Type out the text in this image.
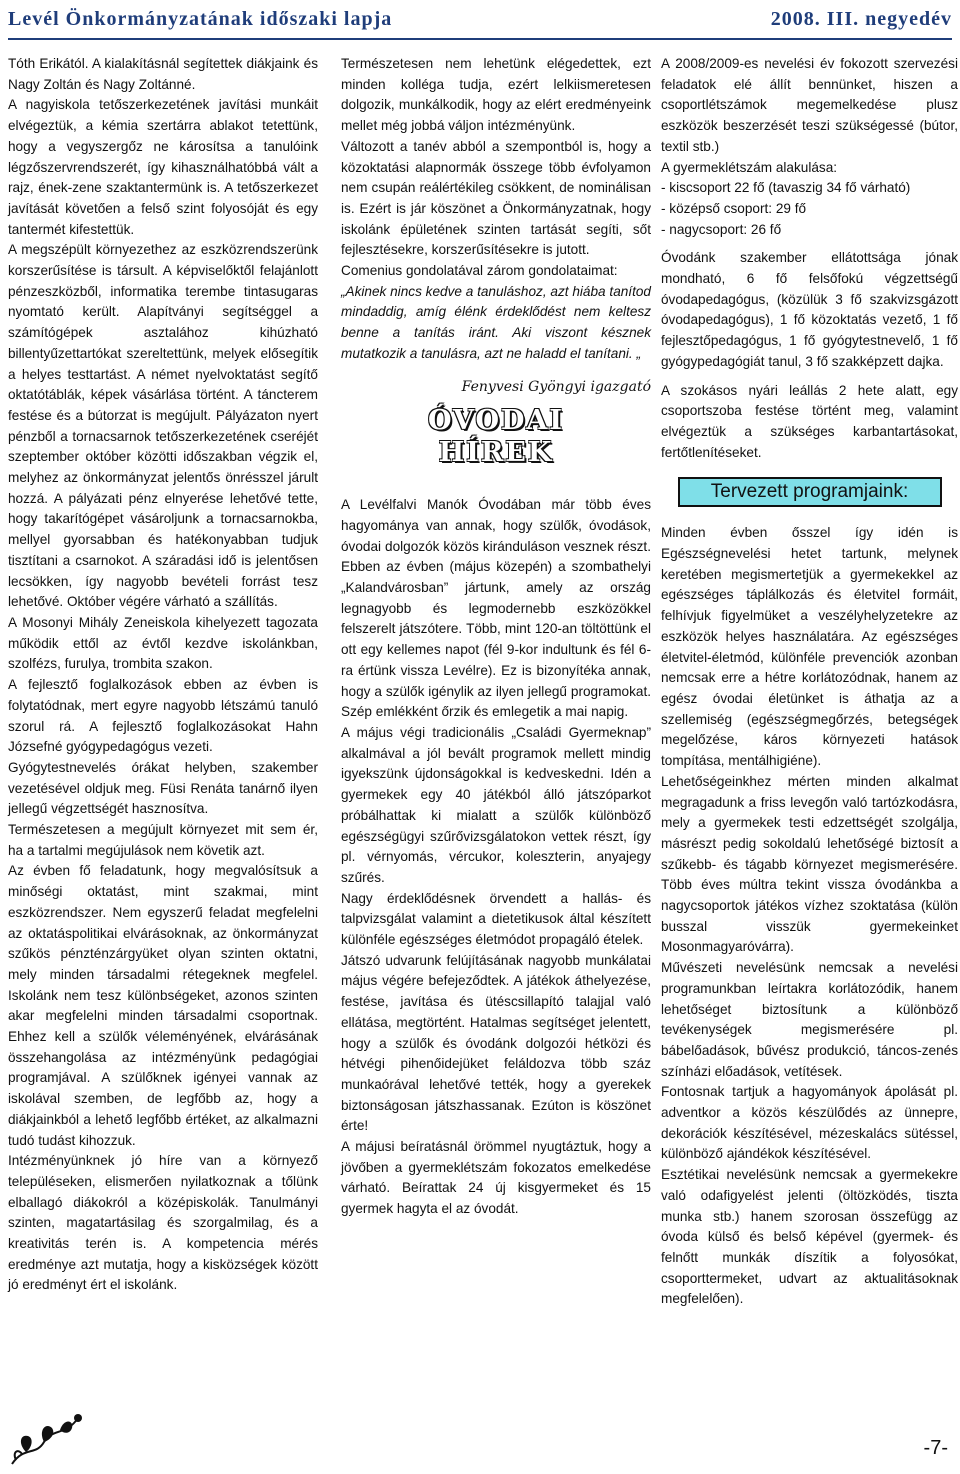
Levél Önkormányzatának időszaki lapja	2008. III. negyedév

Tóth Erikától. A kialakításnál segítettek diákjaink és Nagy Zoltán és Nagy Zoltánné.

A nagyiskola tetőszerkezetének javítási munkáit elvégeztük, a kémia szertárra ablakot tetettünk, hogy a vegyszergőz ne károsítsa a tanulóink légzőszervrendszerét, így kihasználhatóbbá vált a rajz, ének-zene szaktantermünk is. A tetőszerkezet javítását követően a felső szint folyosóját és egy tantermét kifestettük.

A megszépült környezethez az eszközrendszerünk korszerűsítése is társult. A képviselőktől felajánlott pénzeszközből, informatika terembe tintasugaras nyomtató került. Alapítványi segítséggel a számítógépek asztalához kihúzható billentyűzettartókat szereltettünk, melyek elősegítik a helyes testtartást. A német nyelvoktatást segítő oktatótáblák, képek vásárlása történt. A táncterem festése és a bútorzat is megújult. Pályázaton nyert pénzből a tornacsarnok tetőszerkezetének cseréjét szeptember október közötti időszakban végzik el, melyhez az önkormányzat jelentős önrésszel járult hozzá. A pályázati pénz elnyerése lehetővé tette, hogy takarítógépet vásároljunk a tornacsarnokba, mellyel gyorsabban és hatékonyabban tudjuk tisztítani a csarnokot. A száradási idő is jelentősen lecsökken, így nagyobb bevételi forrást tesz lehetővé. Október végére várható a szállítás.

A Mosonyi Mihály Zeneiskola kihelyezett tagozata működik ettől az évtől kezdve iskolánkban, szolfézs, furulya, trombita szakon.

A fejlesztő foglalkozások ebben az évben is folytatódnak, mert egyre nagyobb létszámú tanuló szorul rá. A fejlesztő foglalkozásokat Hahn Józsefné gyógypedagógus vezeti.

Gyógytestnevelés órákat helyben, szakember vezetésével oldjuk meg. Füsi Renáta tanárnő ilyen jellegű végzettségét hasznosítva.

Természetesen a megújult környezet mit sem ér, ha a tartalmi megújulások nem követik azt.

Az évben fő feladatunk, hogy megvalósítsuk a minőségi oktatást, mint szakmai, mint eszközrendszer. Nem egyszerű feladat megfelelni az oktatáspolitikai elvárásoknak, az önkormányzat szűkös pénzténzárgyüket olyan szinten oktatni, mely minden társadalmi rétegeknek megfelel. Iskolánk nem tesz különbségeket, azonos szinten akar megfelelni minden társadalmi csoportnak. Ehhez kell a szülők véleményének, elvárásának összehangolása az intézményünk pedagógiai programjával. A szülőknek igényei vannak az iskolával szemben, de legfőbb az, hogy a diákjainkból a lehető legfőbb értéket, az alkalmazni tudó tudást kihozzuk.

Intézményünknek jó híre van a környező településeken, elismerően nyilatkoznak a tőlünk elballagó diákokról a középiskolák. Tanulmányi szinten, magatartásilag és szorgalmilag, és a kreativitás terén is. A kompetencia mérés eredménye azt mutatja, hogy a kisközségek között jó eredményt ért el iskolánk.

Természetesen nem lehetünk elégedettek, ezt minden kolléga tudja, ezért lelkiismeretesen dolgozik, munkálkodik, hogy az elért eredményeink mellet még jobbá váljon intézményünk.

Változott a tanév abból a szempontból is, hogy a közoktatási alapnormák összege több évfolyamon nem csupán reálértékileg csökkent, de nominálisan is. Ezért is jár köszönet a Önkormányzatnak, hogy iskolánk épületének szinten tartását segíti, sőt fejlesztésekre, korszerűsítésekre is jutott.

Comenius gondolatával zárom gondolataimat:

„Akinek nincs kedve a tanuláshoz, azt hiába tanítod mindaddig, amíg élénk érdeklődést nem keltesz benne a tanítás iránt. Aki viszont késznek mutatkozik a tanulásra, azt ne haladd el tanítani. „

Fenyvesi Gyöngyi igazgató
ÓVODAI
HÍREK

A Levélfalvi Manók Óvodában már több éves hagyománya van annak, hogy szülők, óvodások, óvodai dolgozók közös kiránduláson vesznek részt. Ebben az évben (május közepén) a szombathelyi „Kalandvárosban” jártunk, amely az ország legnagyobb és legmodernebb eszközökkel felszerelt játszótere. Több, mint 120-an töltöttünk el ott egy kellemes napot (fél 9-kor indultunk és fél 6-ra értünk vissza Levélre). Ez is bizonyítéka annak, hogy a szülők igénylik az ilyen jellegű programokat. Szép emlékként őrzik és emlegetik a mai napig.

A május végi tradicionális „Családi Gyermeknap” alkalmával a jól bevált programok mellett mindig igyekszünk újdonságokkal is kedveskedni. Idén a gyermekek egy 40 játékból álló játszóparkot próbálhattak ki mialatt a szülők különböző egészségügyi szűrővizsgálatokon vettek részt, így pl. vérnyomás, vércukor, koleszterin, anyajegy szűrés.

Nagy érdeklődésnek örvendett a hallás- és talpvizsgálat valamint a dietetikusok által készített különféle egészséges életmódot propagáló ételek.

Játszó udvarunk felújításának nagyobb munkálatai május végére befejeződtek. A játékok áthelyezése, festése, javítása és ütéscsillapító talajjal való ellátása, megtörtént. Hatalmas segítséget jelentett, hogy a szülők és óvodánk dolgozói hétközi és hétvégi pihenőidejüket feláldozva több száz munkaórával lehetővé tették, hogy a gyerekek biztonságosan játszhassanak. Ezúton is köszönet érte!

A májusi beíratásnál örömmel nyugtáztuk, hogy a jövőben a gyermeklétszám fokozatos emelkedése várható. Beírattak 24 új kisgyermeket és 15 gyermek hagyta el az óvodát.

A 2008/2009-es nevelési év fokozott szervezési feladatok elé állít bennünket, hiszen a csoportlétszámok megemelkedése plusz eszközök beszerzését teszi szükségessé (bútor, textil stb.)

A gyermeklétszám alakulása:

- kiscsoport 22 fő (tavaszig 34 fő várható)

- középső csoport: 29 fő

- nagycsoport: 26 fő

Óvodánk szakember ellátottsága jónak mondható, 6 fő felsőfokú végzettségű óvodapedagógus, (közülük 3 fő szakvizsgázott óvodapedagógus), 1 fő közoktatás vezető, 1 fő fejlesztőpedagógus, 1 fő gyógytestnevelő, 1 fő gyógypedagógiát tanul, 3 fő szakképzett dajka.

A szokásos nyári leállás 2 hete alatt, egy csoportszoba festése történt meg, valamint elvégeztük a szükséges karbantartásokat, fertőtlenítéseket.

Tervezett programjaink:

Minden évben ősszel így idén is Egészségnevelési hetet tartunk, melynek keretében megismertetjük a gyermekekkel az egészséges táplálkozás és életvitel formáit, felhívjuk figyelmüket a veszélyhelyzetekre az eszközök helyes használatára. Az egészséges életvitel-életmód, különféle prevenciók azonban nemcsak erre a hétre korlátozódnak, hanem az egész óvodai életünket is áthatja az a szellemiség (egészségmegőrzés, betegségek megelőzése, káros környezeti hatások tompítása, mentálhigiéne).

Lehetőségeinkhez mérten minden alkalmat megragadunk a friss levegőn való tartózkodásra, mely a gyermekek testi edzettségét szolgálja, másrészt pedig sokoldalú lehetőségé biztosít a szűkebb- és tágabb környezet megismerésére. Több éves múltra tekint vissza óvodánkba a nagycsoportok játékos vízhez szoktatása (külön busszal visszük gyermekeinket Mosonmagyaróvárra).

Művészeti nevelésünk nemcsak a nevelési programunkban leírtakra korlátozódik, hanem lehetőséget biztosítunk a különböző tevékenységek megismerésére pl. bábelőadások, bűvész produkció, táncos-zenés színházi előadások, vetítések.

Fontosnak tartjuk a hagyományok ápolását pl. adventkor a közös készülődés az ünnepre, dekorációk készítésével, mézeskalács sütéssel, különböző ajándékok készítésével.

Esztétikai nevelésünk nemcsak a gyermekekre való odafigyelést jelenti (öltözködés, tiszta munka stb.) hanem szorosan összefügg az óvoda külső és belső képével (gyermek- és felnőtt munkák díszítik a folyosókat, csoporttermeket, udvart az aktualitásoknak megfelelően).

-7-
